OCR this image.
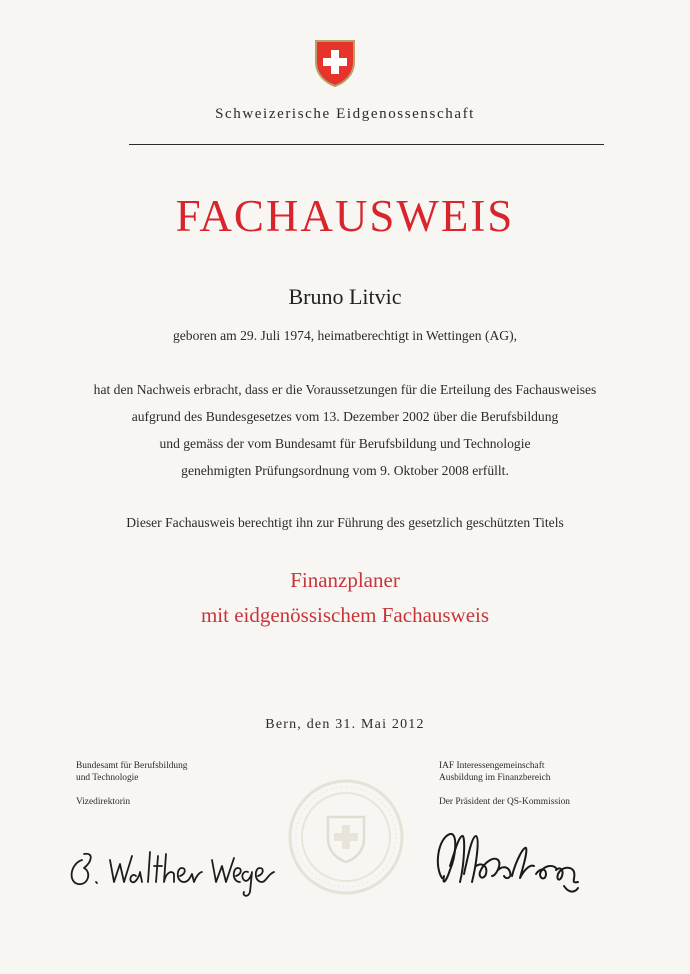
Schweizerische Eidgenossenschaft
FACHAUSWEIS
Bruno Litvic
geboren am 29. Juli 1974, heimatberechtigt in Wettingen (AG),
hat den Nachweis erbracht, dass er die Voraussetzungen für die Erteilung des Fachausweises
aufgrund des Bundesgesetzes vom 13. Dezember 2002 über die Berufsbildung
und gemäss der vom Bundesamt für Berufsbildung und Technologie
genehmigten Prüfungsordnung vom 9. Oktober 2008 erfüllt.
Dieser Fachausweis berechtigt ihn zur Führung des gesetzlich geschützten Titels
Finanzplaner
mit eidgenössischem Fachausweis
Bern, den 31. Mai 2012
Bundesamt für Berufsbildung
und Technologie
Vizedirektorin
IAF Interessengemeinschaft
Ausbildung im Finanzbereich
Der Präsident der QS-Kommission
